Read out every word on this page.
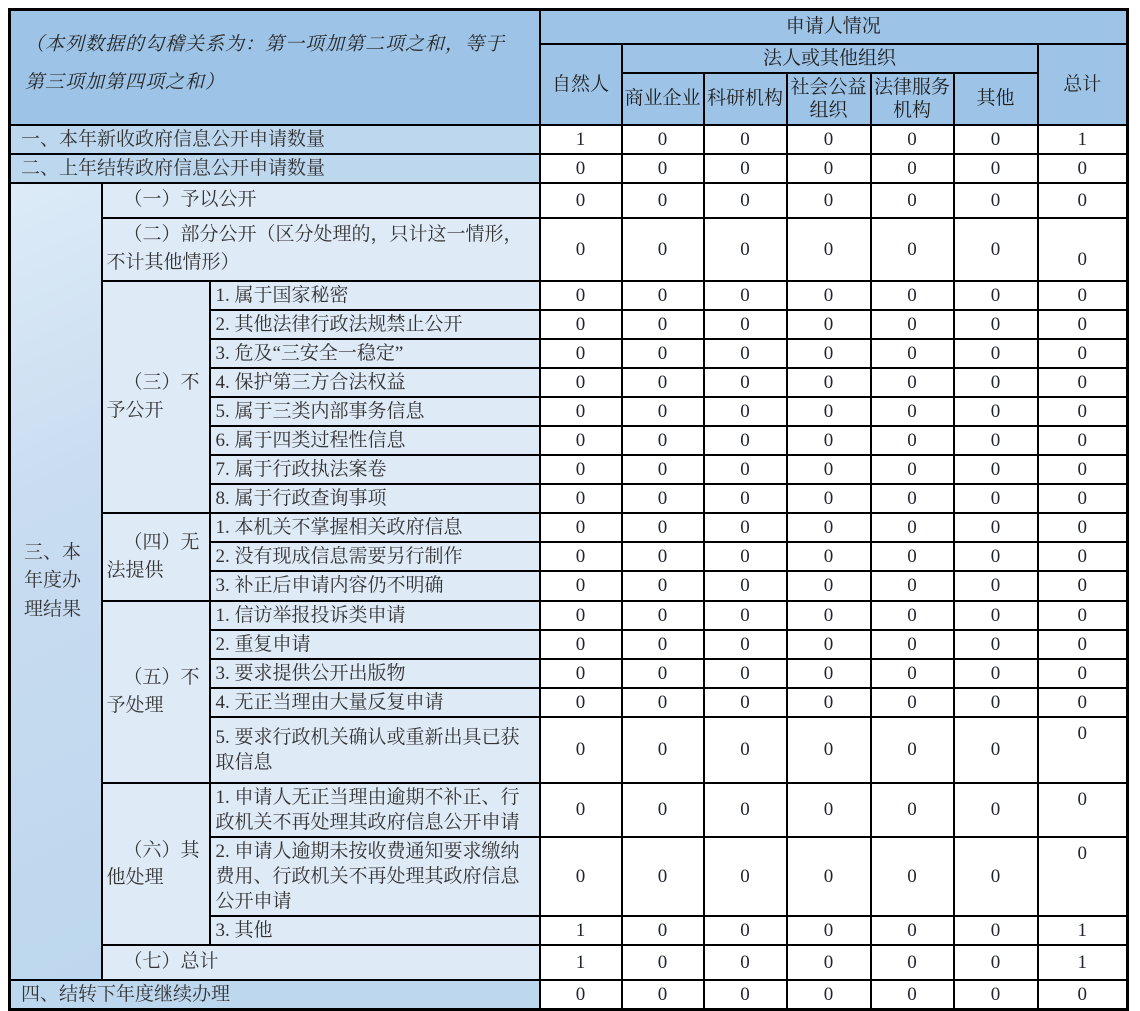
（本列数据的勾稽关系为：第一项加第二项之和，等于第三项加第四项之和）			申请人情况						
			自然人	法人或其他组织					总计
				商业企业	科研机构	社会公益组织	法律服务机构	其他	
一、本年新收政府信息公开申请数量			1	0	0	0	0	0	1
二、上年结转政府信息公开申请数量			0	0	0	0	0	0	0
三、本年度办理结果	（一）予以公开		0	0	0	0	0	0	0
	（二）部分公开（区分处理的，只计这一情形，不计其他情形）		0	0	0	0	0	0	0
	（三）不予公开	1. 属于国家秘密	0	0	0	0	0	0	0
		2. 其他法律行政法规禁止公开	0	0	0	0	0	0	0
		3. 危及“三安全一稳定”	0	0	0	0	0	0	0
		4. 保护第三方合法权益	0	0	0	0	0	0	0
		5. 属于三类内部事务信息	0	0	0	0	0	0	0
		6. 属于四类过程性信息	0	0	0	0	0	0	0
		7. 属于行政执法案卷	0	0	0	0	0	0	0
		8. 属于行政查询事项	0	0	0	0	0	0	0
	（四）无法提供	1. 本机关不掌握相关政府信息	0	0	0	0	0	0	0
		2. 没有现成信息需要另行制作	0	0	0	0	0	0	0
		3. 补正后申请内容仍不明确	0	0	0	0	0	0	0
	（五）不予处理	1. 信访举报投诉类申请	0	0	0	0	0	0	0
		2. 重复申请	0	0	0	0	0	0	0
		3. 要求提供公开出版物	0	0	0	0	0	0	0
		4. 无正当理由大量反复申请	0	0	0	0	0	0	0
		5. 要求行政机关确认或重新出具已获取信息	0	0	0	0	0	0	0
	（六）其他处理	1. 申请人无正当理由逾期不补正、行政机关不再处理其政府信息公开申请	0	0	0	0	0	0	0
		2. 申请人逾期未按收费通知要求缴纳费用、行政机关不再处理其政府信息公开申请	0	0	0	0	0	0	0
		3. 其他	1	0	0	0	0	0	1
	（七）总计		1	0	0	0	0	0	1
四、结转下年度继续办理			0	0	0	0	0	0	0
